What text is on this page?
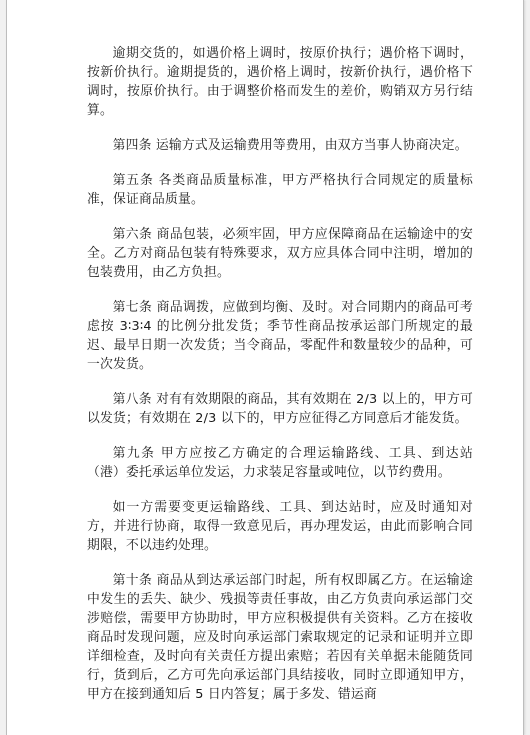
逾期交货的，如遇价格上调时，按原价执行；遇价格下调时，按新价执行。逾期提货的，遇价格上调时，按新价执行，遇价格下调时，按原价执行。由于调整价格而发生的差价，购销双方另行结算。

第四条 运输方式及运输费用等费用，由双方当事人协商决定。

第五条 各类商品质量标准，甲方严格执行合同规定的质量标准，保证商品质量。

第六条 商品包装，必须牢固，甲方应保障商品在运输途中的安全。乙方对商品包装有特殊要求，双方应具体合同中注明，增加的包装费用，由乙方负担。

第七条 商品调拨，应做到均衡、及时。对合同期内的商品可考虑按 3∶3∶4 的比例分批发货；季节性商品按承运部门所规定的最迟、最早日期一次发货；当令商品，零配件和数量较少的品种，可一次发货。

第八条 对有有效期限的商品，其有效期在 2/3 以上的，甲方可以发货；有效期在 2/3 以下的，甲方应征得乙方同意后才能发货。

第九条 甲方应按乙方确定的合理运输路线、工具、到达站（港）委托承运单位发运，力求装足容量或吨位，以节约费用。

如一方需要变更运输路线、工具、到达站时，应及时通知对方，并进行协商，取得一致意见后，再办理发运，由此而影响合同期限，不以违约处理。

第十条 商品从到达承运部门时起，所有权即属乙方。在运输途中发生的丢失、缺少、残损等责任事故，由乙方负责向承运部门交涉赔偿，需要甲方协助时，甲方应积极提供有关资料。乙方在接收商品时发现问题，应及时向承运部门索取规定的记录和证明并立即详细检查，及时向有关责任方提出索赔；若因有关单据未能随货同行，货到后，乙方可先向承运部门具结接收，同时立即通知甲方，甲方在接到通知后 5 日内答复；属于多发、错运商
